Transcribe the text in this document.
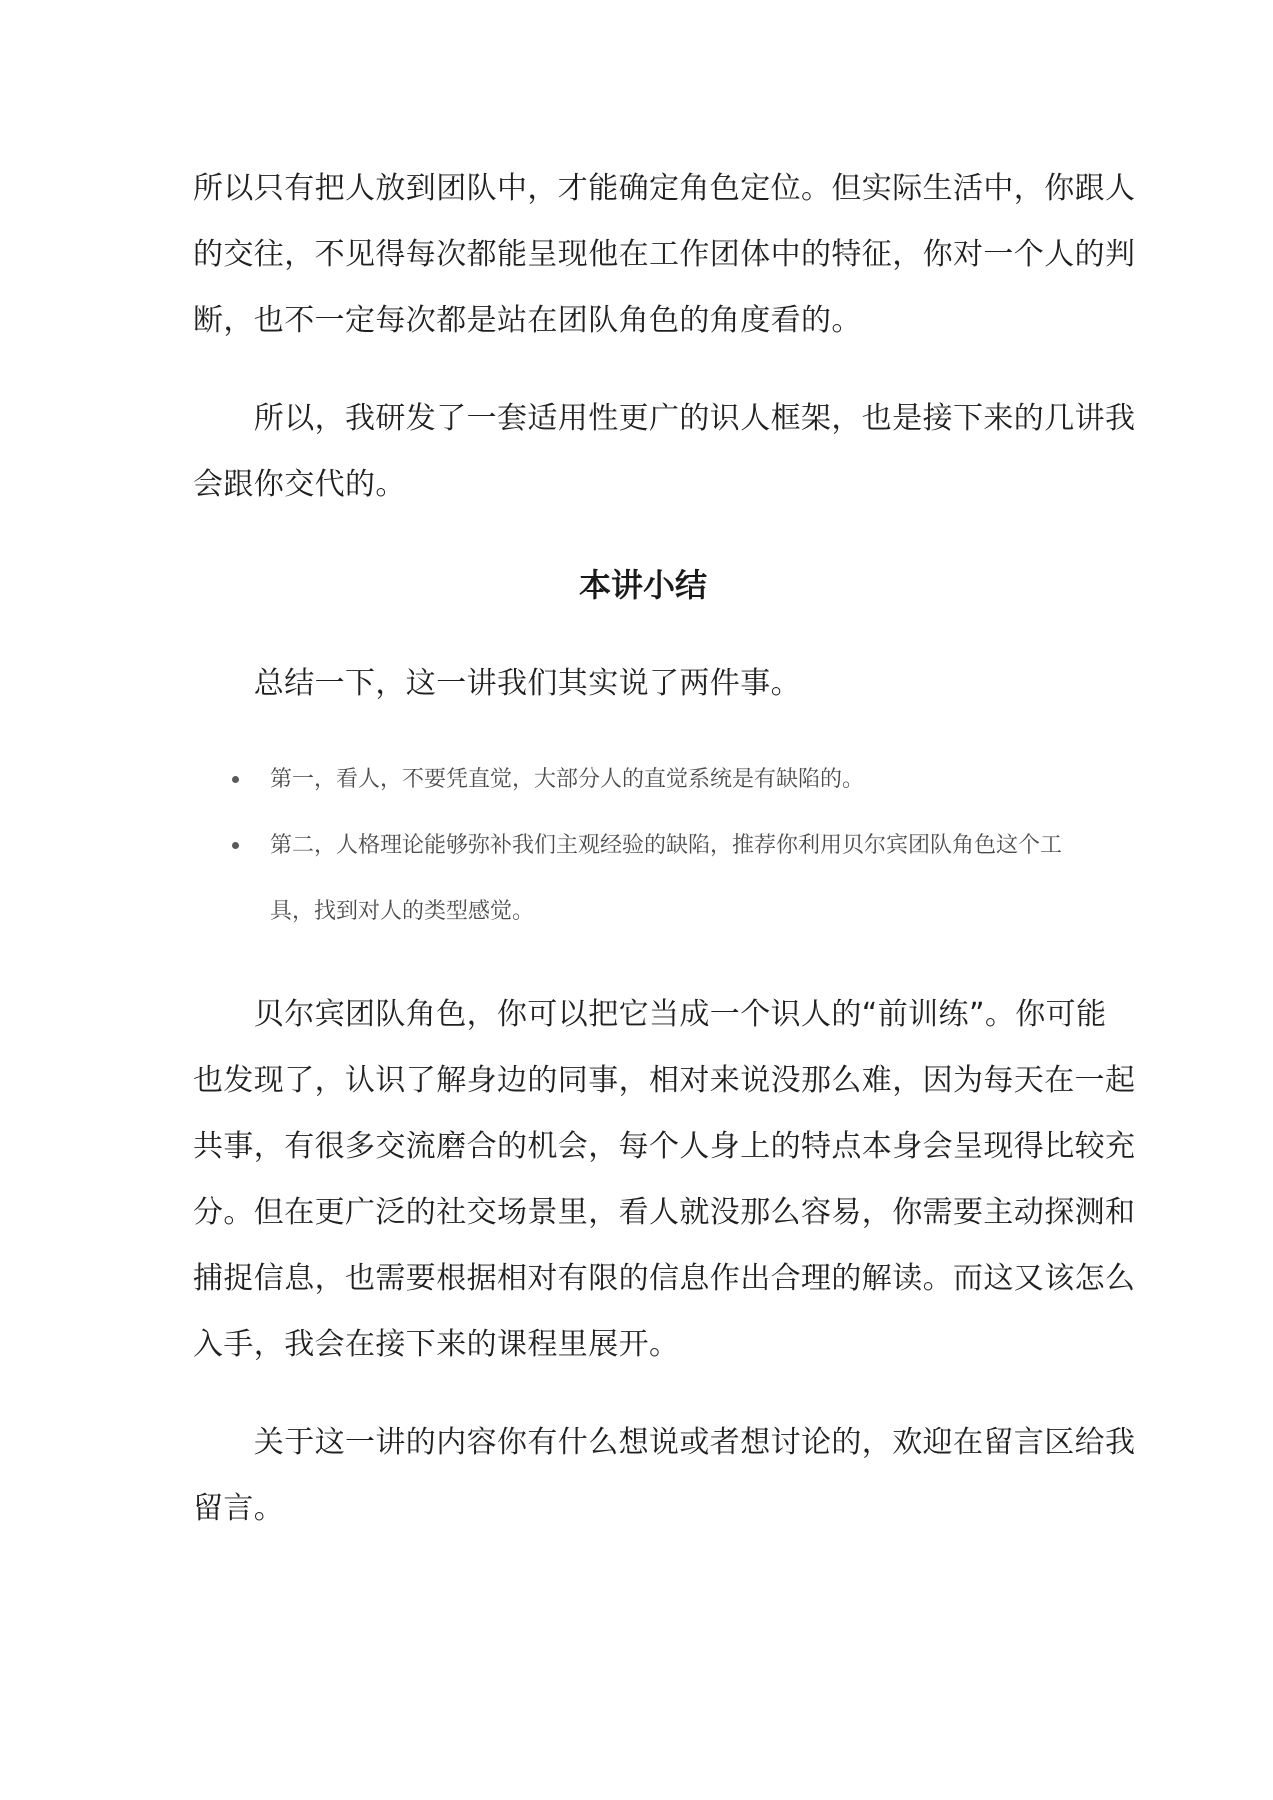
所以只有把人放到团队中，才能确定角色定位。但实际生活中，你跟人
的交往，不见得每次都能呈现他在工作团体中的特征，你对一个人的判
断，也不一定每次都是站在团队角色的角度看的。

　　所以，我研发了一套适用性更广的识人框架，也是接下来的几讲我
会跟你交代的。

本讲小结

　　总结一下，这一讲我们其实说了两件事。

第一，看人，不要凭直觉，大部分人的直觉系统是有缺陷的。
第二，人格理论能够弥补我们主观经验的缺陷，推荐你利用贝尔宾团队角色这个工
具，找到对人的类型感觉。

　　贝尔宾团队角色，你可以把它当成一个识人的“前训练”。你可能
也发现了，认识了解身边的同事，相对来说没那么难，因为每天在一起
共事，有很多交流磨合的机会，每个人身上的特点本身会呈现得比较充
分。但在更广泛的社交场景里，看人就没那么容易，你需要主动探测和
捕捉信息，也需要根据相对有限的信息作出合理的解读。而这又该怎么
入手，我会在接下来的课程里展开。

　　关于这一讲的内容你有什么想说或者想讨论的，欢迎在留言区给我
留言。
